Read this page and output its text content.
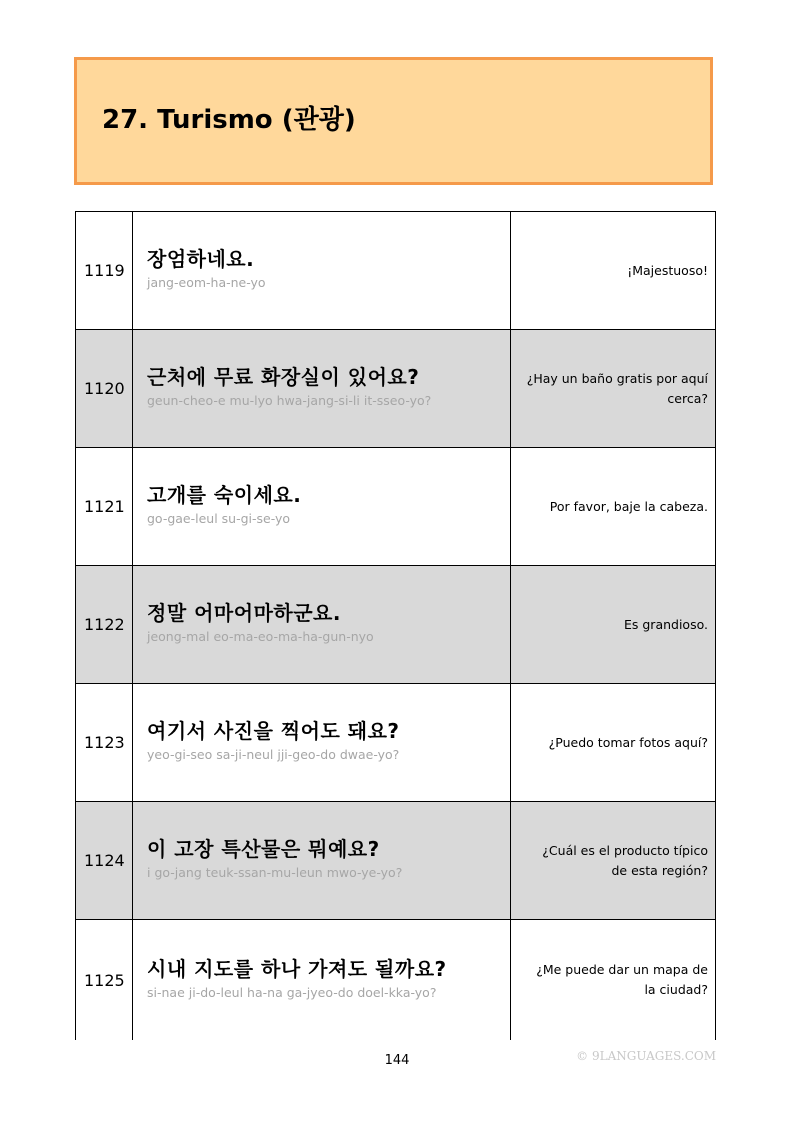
27. Turismo (관광)
1119	장엄하네요.
jang-eom-ha-ne-yo
¡Majestuoso!
1120	근처에 무료 화장실이 있어요?
geun-cheo-e mu-lyo hwa-jang-si-li it-sseo-yo?
¿Hay un baño gratis por aquí cerca?
1121	고개를 숙이세요.
go-gae-leul su-gi-se-yo
Por favor, baje la cabeza.
1122	정말 어마어마하군요.
jeong-mal eo-ma-eo-ma-ha-gun-nyo
Es grandioso.
1123	여기서 사진을 찍어도 돼요?
yeo-gi-seo sa-ji-neul jji-geo-do dwae-yo?
¿Puedo tomar fotos aquí?
1124	이 고장 특산물은 뭐예요?
i go-jang teuk-ssan-mu-leun mwo-ye-yo?
¿Cuál es el producto típico de esta región?
1125	시내 지도를 하나 가져도 될까요?
si-nae ji-do-leul ha-na ga-jyeo-do doel-kka-yo?
¿Me puede dar un mapa de la ciudad?
144	© 9LANGUAGES.COM
